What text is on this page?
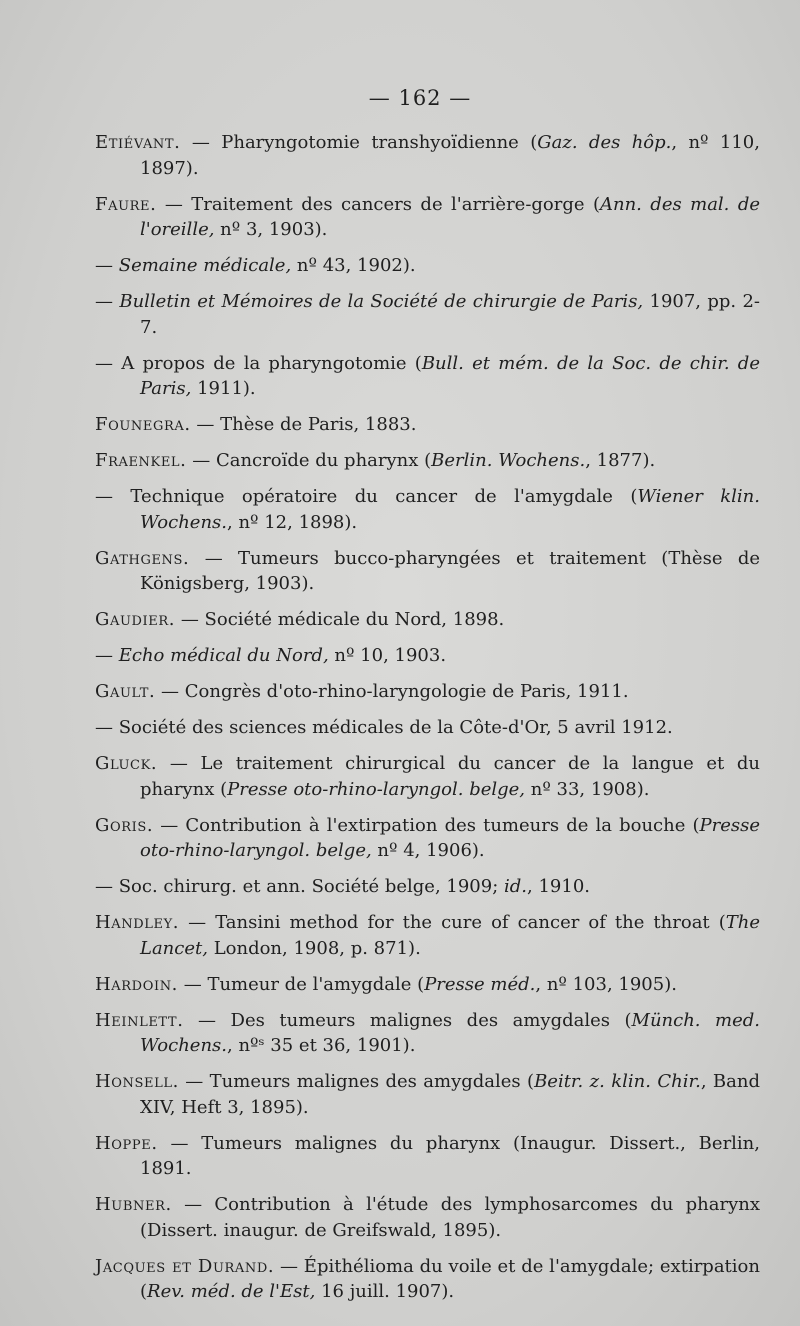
— 162 —
Etiévant. — Pharyngotomie transhyoïdienne (Gaz. des hôp., nº 110, 1897).
Faure. — Traitement des cancers de l'arrière-gorge (Ann. des mal. de l'oreille, nº 3, 1903).
— Semaine médicale, nº 43, 1902).
— Bulletin et Mémoires de la Société de chirurgie de Paris, 1907, pp. 2-7.
— A propos de la pharyngotomie (Bull. et mém. de la Soc. de chir. de Paris, 1911).
Founegra. — Thèse de Paris, 1883.
Fraenkel. — Cancroïde du pharynx (Berlin. Wochens., 1877).
— Technique opératoire du cancer de l'amygdale (Wiener klin. Wochens., nº 12, 1898).
Gathgens. — Tumeurs bucco-pharyngées et traitement (Thèse de Königsberg, 1903).
Gaudier. — Société médicale du Nord, 1898.
— Echo médical du Nord, nº 10, 1903.
Gault. — Congrès d'oto-rhino-laryngologie de Paris, 1911.
— Société des sciences médicales de la Côte-d'Or, 5 avril 1912.
Gluck. — Le traitement chirurgical du cancer de la langue et du pharynx (Presse oto-rhino-laryngol. belge, nº 33, 1908).
Goris. — Contribution à l'extirpation des tumeurs de la bouche (Presse oto-rhino-laryngol. belge, nº 4, 1906).
— Soc. chirurg. et ann. Société belge, 1909; id., 1910.
Handley. — Tansini method for the cure of cancer of the throat (The Lancet, London, 1908, p. 871).
Hardoin. — Tumeur de l'amygdale (Presse méd., nº 103, 1905).
Heinlett. — Des tumeurs malignes des amygdales (Münch. med. Wochens., nºˢ 35 et 36, 1901).
Honsell. — Tumeurs malignes des amygdales (Beitr. z. klin. Chir., Band XIV, Heft 3, 1895).
Hoppe. — Tumeurs malignes du pharynx (Inaugur. Dissert., Berlin, 1891.
Hubner. — Contribution à l'étude des lymphosarcomes du pharynx (Dissert. inaugur. de Greifswald, 1895).
Jacques et Durand. — Épithélioma du voile et de l'amygdale; extirpation (Rev. méd. de l'Est, 16 juill. 1907).
